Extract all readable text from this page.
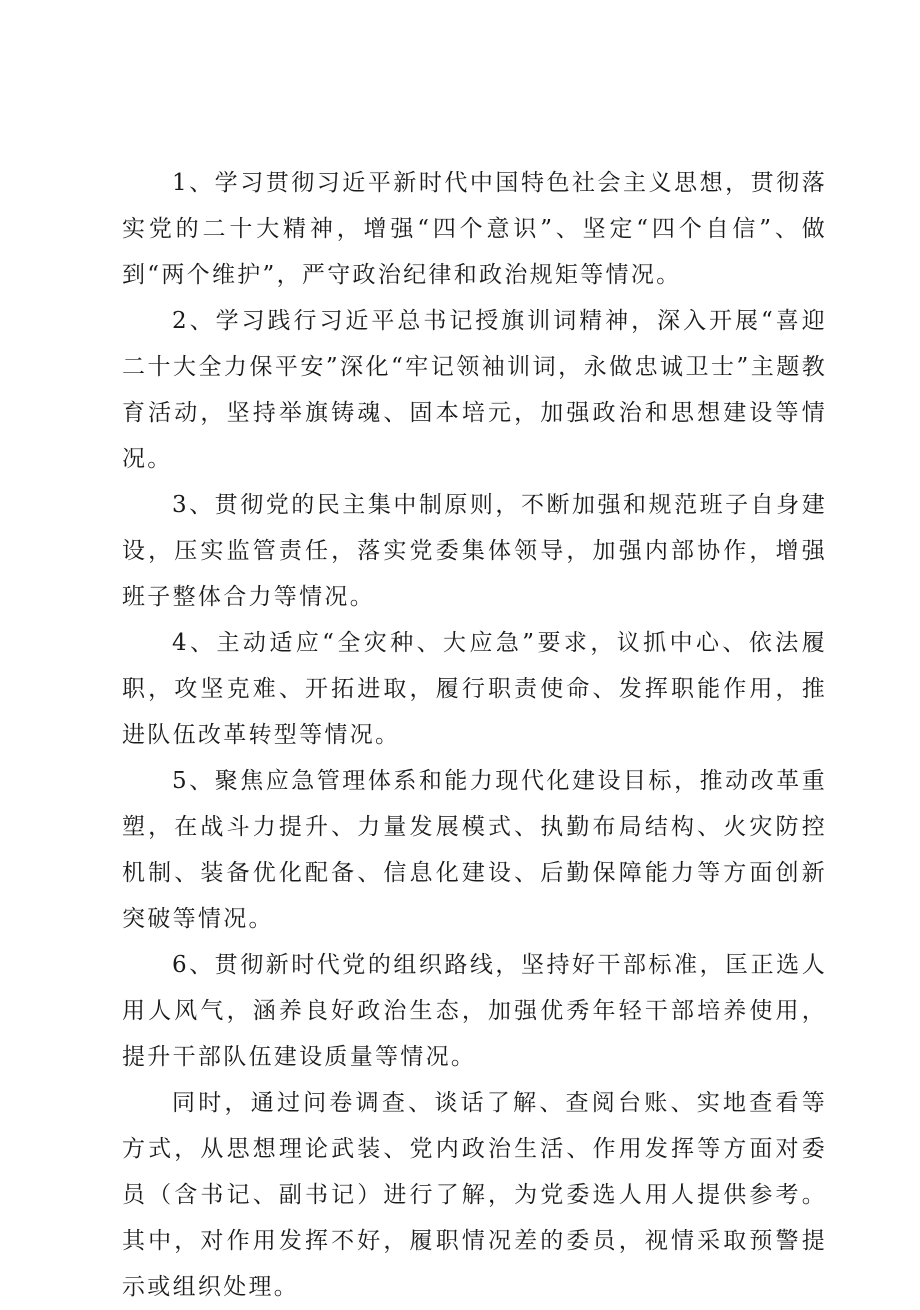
1、学习贯彻习近平新时代中国特色社会主义思想，贯彻落实党的二十大精神，增强“四个意识”、坚定“四个自信”、做到“两个维护”，严守政治纪律和政治规矩等情况。

2、学习践行习近平总书记授旗训词精神，深入开展“喜迎二十大全力保平安”深化“牢记领袖训词，永做忠诚卫士”主题教育活动，坚持举旗铸魂、固本培元，加强政治和思想建设等情况。

3、贯彻党的民主集中制原则，不断加强和规范班子自身建设，压实监管责任，落实党委集体领导，加强内部协作，增强班子整体合力等情况。

4、主动适应“全灾种、大应急”要求，议抓中心、依法履职，攻坚克难、开拓进取，履行职责使命、发挥职能作用，推进队伍改革转型等情况。

5、聚焦应急管理体系和能力现代化建设目标，推动改革重塑，在战斗力提升、力量发展模式、执勤布局结构、火灾防控机制、装备优化配备、信息化建设、后勤保障能力等方面创新突破等情况。

6、贯彻新时代党的组织路线，坚持好干部标准，匡正选人用人风气，涵养良好政治生态，加强优秀年轻干部培养使用，提升干部队伍建设质量等情况。

同时，通过问卷调查、谈话了解、查阅台账、实地查看等方式，从思想理论武装、党内政治生活、作用发挥等方面对委员（含书记、副书记）进行了解，为党委选人用人提供参考。其中，对作用发挥不好，履职情况差的委员，视情采取预警提示或组织处理。
